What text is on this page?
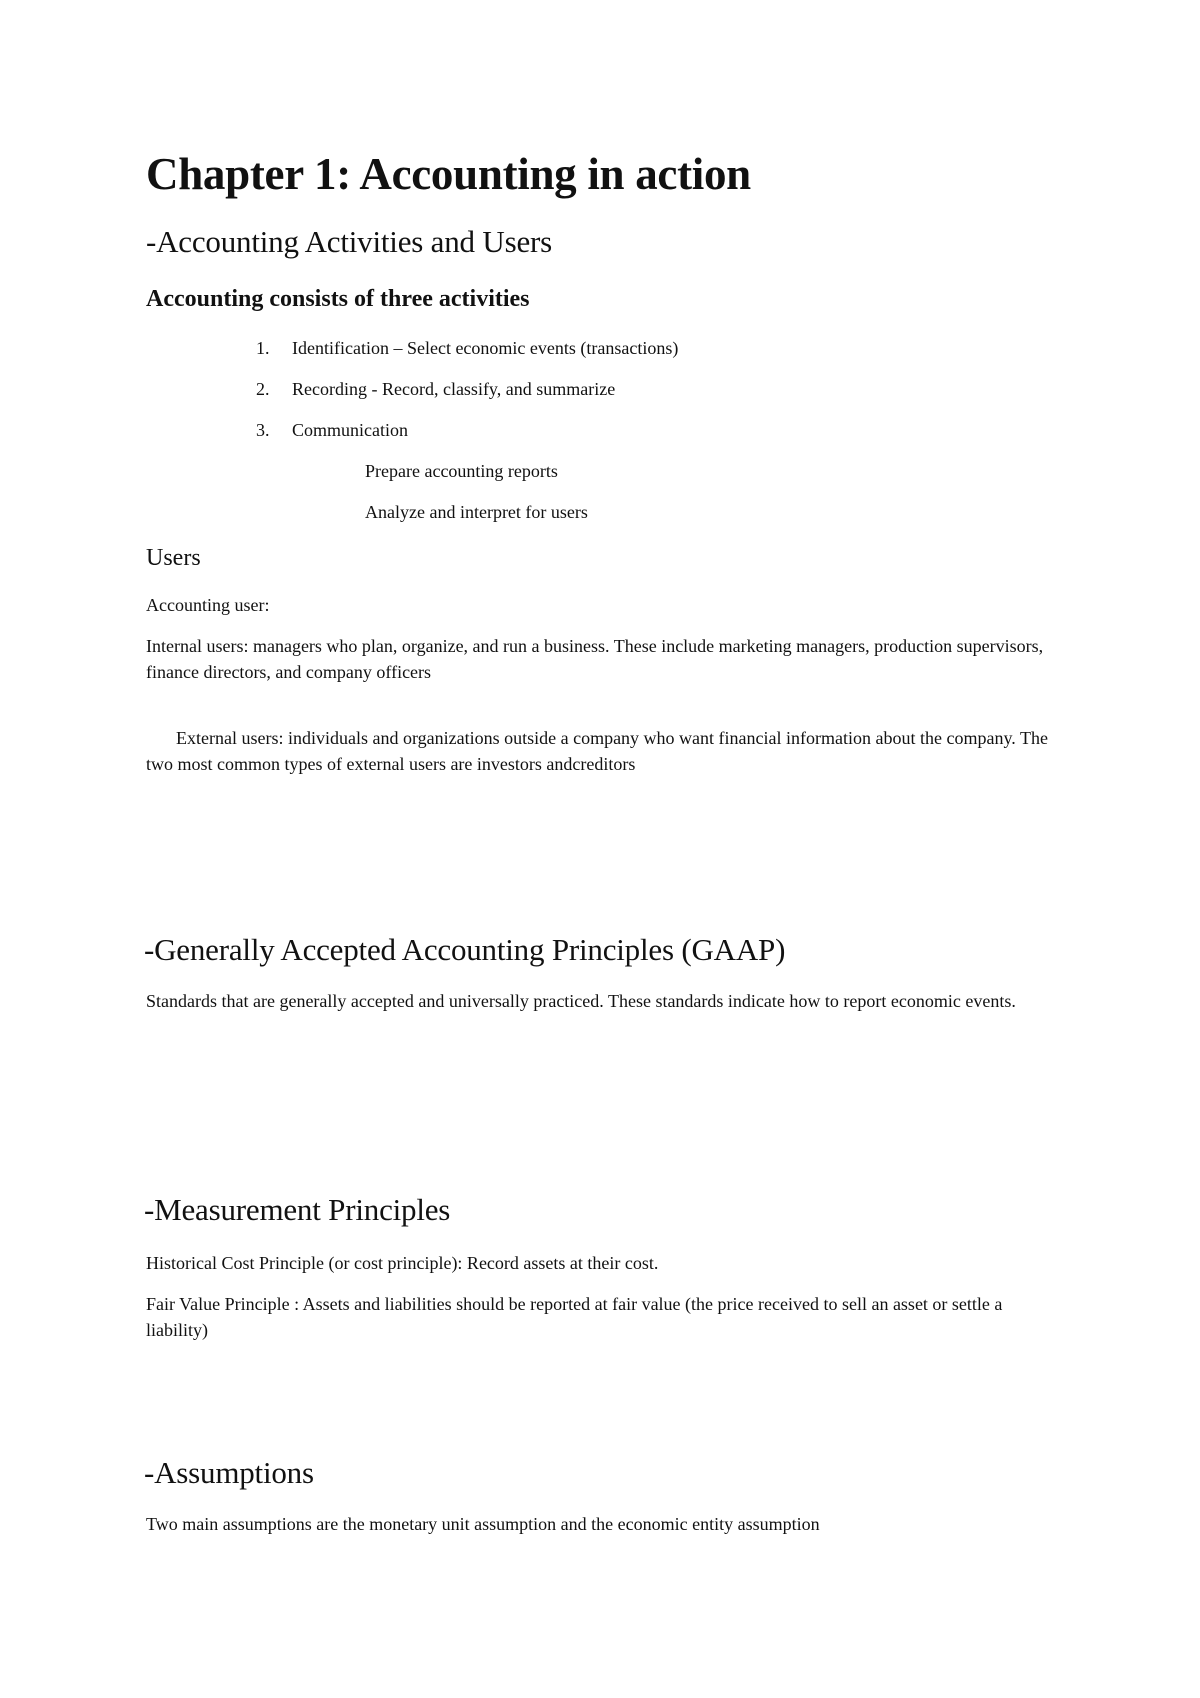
Chapter 1: Accounting in action
-Accounting Activities and Users
Accounting consists of three activities
1. Identification – Select economic events (transactions)
2. Recording - Record, classify, and summarize
3. Communication
Prepare accounting reports
Analyze and interpret for users
Users
Accounting user:
Internal users: managers who plan, organize, and run a business. These include marketing managers, production supervisors, finance directors, and company officers
External users: individuals and organizations outside a company who want financial information about the company. The two most common types of external users are investors andcreditors
-Generally Accepted Accounting Principles (GAAP)
Standards that are generally accepted and universally practiced. These standards indicate how to report economic events.
-Measurement Principles
Historical Cost Principle (or cost principle): Record assets at their cost.
Fair Value Principle : Assets and liabilities should be reported at fair value (the price received to sell an asset or settle a liability)
-Assumptions
Two main assumptions are the monetary unit assumption and the economic entity assumption
